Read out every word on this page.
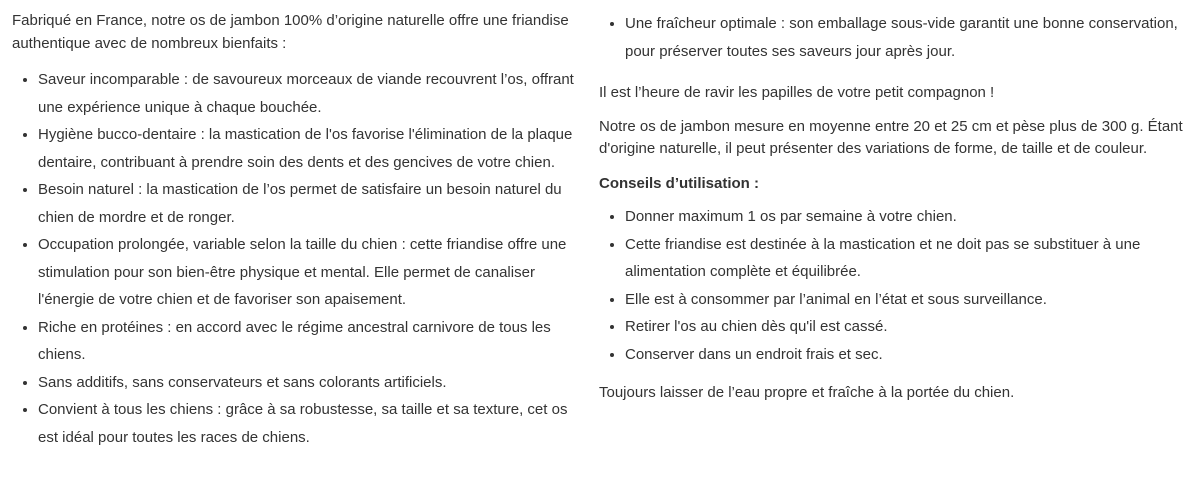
Fabriqué en France, notre os de jambon 100% d’origine naturelle offre une friandise authentique avec de nombreux bienfaits :

• Saveur incomparable : de savoureux morceaux de viande recouvrent l’os, offrant une expérience unique à chaque bouchée.
• Hygiène bucco-dentaire : la mastication de l'os favorise l'élimination de la plaque dentaire, contribuant à prendre soin des dents et des gencives de votre chien.
• Besoin naturel : la mastication de l’os permet de satisfaire un besoin naturel du chien de mordre et de ronger.
• Occupation prolongée, variable selon la taille du chien : cette friandise offre une stimulation pour son bien-être physique et mental. Elle permet de canaliser l'énergie de votre chien et de favoriser son apaisement.
• Riche en protéines : en accord avec le régime ancestral carnivore de tous les chiens.
• Sans additifs, sans conservateurs et sans colorants artificiels.
• Convient à tous les chiens : grâce à sa robustesse, sa taille et sa texture, cet os est idéal pour toutes les races de chiens.
• Une fraîcheur optimale : son emballage sous-vide garantit une bonne conservation, pour préserver toutes ses saveurs jour après jour.

Il est l’heure de ravir les papilles de votre petit compagnon !

Notre os de jambon mesure en moyenne entre 20 et 25 cm et pèse plus de 300 g. Étant d'origine naturelle, il peut présenter des variations de forme, de taille et de couleur.

Conseils d’utilisation :

• Donner maximum 1 os par semaine à votre chien.
• Cette friandise est destinée à la mastication et ne doit pas se substituer à une alimentation complète et équilibrée.
• Elle est à consommer par l’animal en l’état et sous surveillance.
• Retirer l'os au chien dès qu'il est cassé.
• Conserver dans un endroit frais et sec.

Toujours laisser de l’eau propre et fraîche à la portée du chien.
